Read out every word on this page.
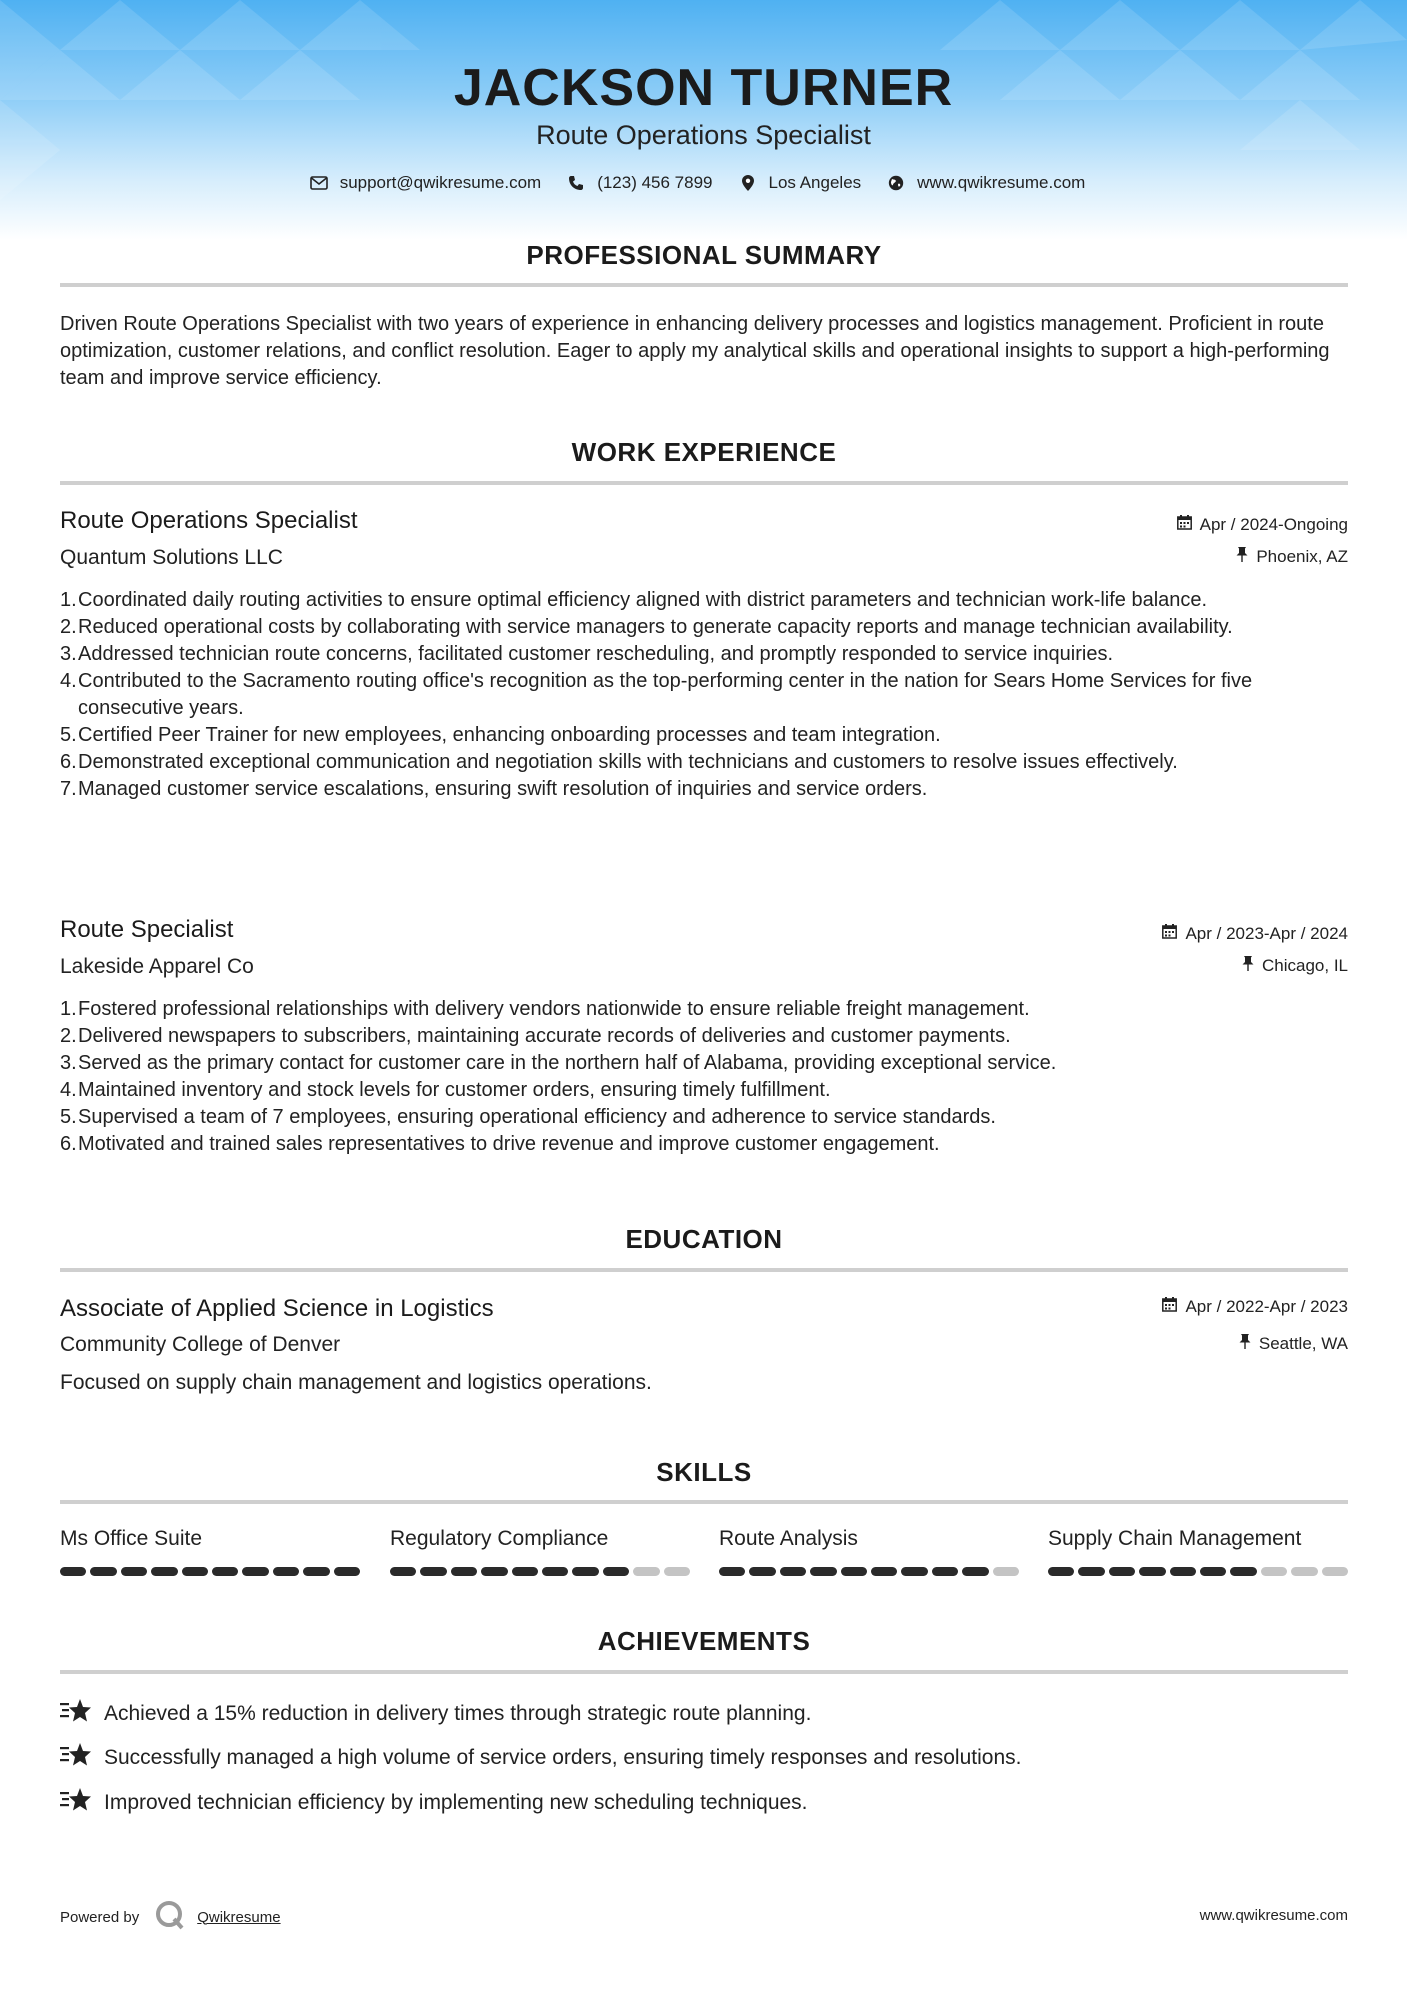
JACKSON TURNER
Route Operations Specialist
support@qwikresume.com	(123) 456 7899	Los Angeles	www.qwikresume.com
PROFESSIONAL SUMMARY
Driven Route Operations Specialist with two years of experience in enhancing delivery processes and logistics management. Proficient in route optimization, customer relations, and conflict resolution. Eager to apply my analytical skills and operational insights to support a high-performing team and improve service efficiency.
WORK EXPERIENCE
Route Operations Specialist	Apr / 2024-Ongoing
Quantum Solutions LLC	Phoenix, AZ
1. Coordinated daily routing activities to ensure optimal efficiency aligned with district parameters and technician work-life balance.
2. Reduced operational costs by collaborating with service managers to generate capacity reports and manage technician availability.
3. Addressed technician route concerns, facilitated customer rescheduling, and promptly responded to service inquiries.
4. Contributed to the Sacramento routing office's recognition as the top-performing center in the nation for Sears Home Services for five consecutive years.
5. Certified Peer Trainer for new employees, enhancing onboarding processes and team integration.
6. Demonstrated exceptional communication and negotiation skills with technicians and customers to resolve issues effectively.
7. Managed customer service escalations, ensuring swift resolution of inquiries and service orders.
Route Specialist	Apr / 2023-Apr / 2024
Lakeside Apparel Co	Chicago, IL
1. Fostered professional relationships with delivery vendors nationwide to ensure reliable freight management.
2. Delivered newspapers to subscribers, maintaining accurate records of deliveries and customer payments.
3. Served as the primary contact for customer care in the northern half of Alabama, providing exceptional service.
4. Maintained inventory and stock levels for customer orders, ensuring timely fulfillment.
5. Supervised a team of 7 employees, ensuring operational efficiency and adherence to service standards.
6. Motivated and trained sales representatives to drive revenue and improve customer engagement.
EDUCATION
Associate of Applied Science in Logistics	Apr / 2022-Apr / 2023
Community College of Denver	Seattle, WA
Focused on supply chain management and logistics operations.
SKILLS
Ms Office Suite	Regulatory Compliance	Route Analysis	Supply Chain Management
ACHIEVEMENTS
Achieved a 15% reduction in delivery times through strategic route planning.
Successfully managed a high volume of service orders, ensuring timely responses and resolutions.
Improved technician efficiency by implementing new scheduling techniques.
Powered by	Qwikresume	www.qwikresume.com
